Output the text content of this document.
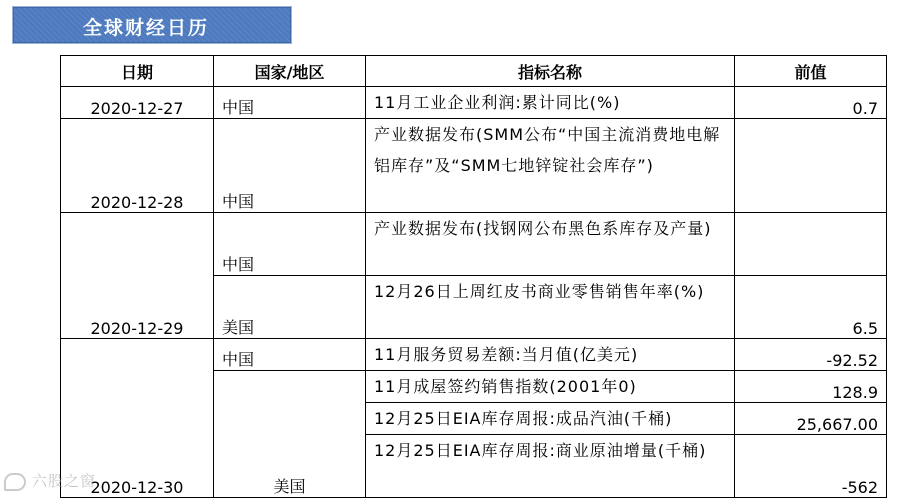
全球财经日历
日期	国家/地区	指标名称	前值
2020-12-27	中国	11月工业企业利润:累计同比(%)	0.7
2020-12-28	中国	产业数据发布(SMM公布“中国主流消费地电解铝库存”及“SMM七地锌锭社会库存”)	
2020-12-29	中国	产业数据发布(找钢网公布黑色系库存及产量)	
	美国	12月26日上周红皮书商业零售销售年率(%)	6.5
2020-12-30	中国	11月服务贸易差额:当月值(亿美元)	-92.52
	美国	11月成屋签约销售指数(2001年0)	128.9
		12月25日EIA库存周报:成品汽油(千桶)	25,667.00
		12月25日EIA库存周报:商业原油增量(千桶)	-562
六股之窗
